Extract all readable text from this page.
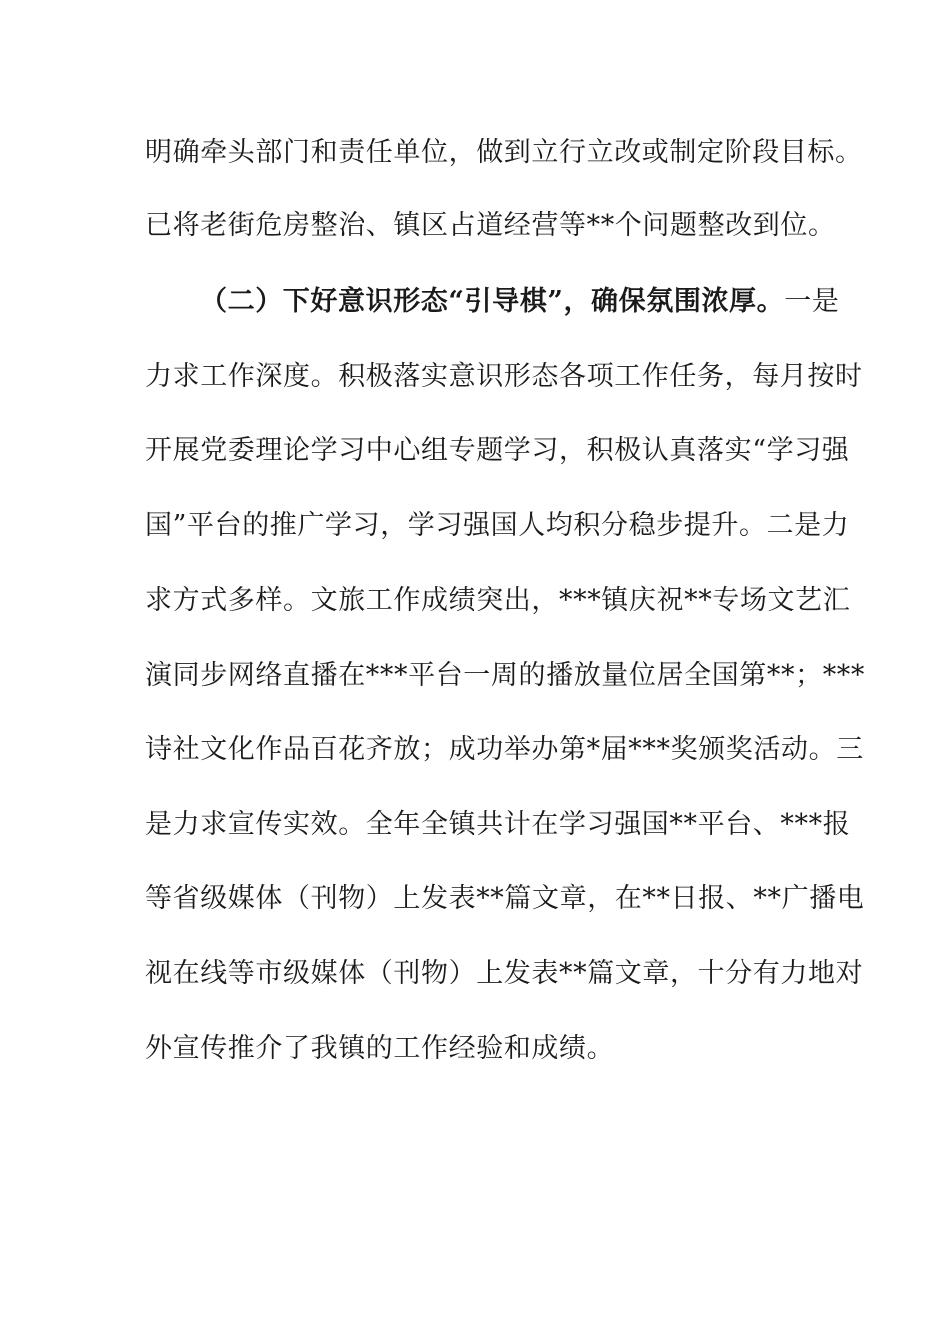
明确牵头部门和责任单位，做到立行立改或制定阶段目标。
已将老街危房整治、镇区占道经营等**个问题整改到位。
（二）下好意识形态“引导棋”，确保氛围浓厚。一是
力求工作深度。积极落实意识形态各项工作任务，每月按时
开展党委理论学习中心组专题学习，积极认真落实“学习强
国”平台的推广学习，学习强国人均积分稳步提升。二是力
求方式多样。文旅工作成绩突出，***镇庆祝**专场文艺汇
演同步网络直播在***平台一周的播放量位居全国第**；***
诗社文化作品百花齐放；成功举办第*届***奖颁奖活动。三
是力求宣传实效。全年全镇共计在学习强国**平台、***报
等省级媒体（刊物）上发表**篇文章，在**日报、**广播电
视在线等市级媒体（刊物）上发表**篇文章，十分有力地对
外宣传推介了我镇的工作经验和成绩。
